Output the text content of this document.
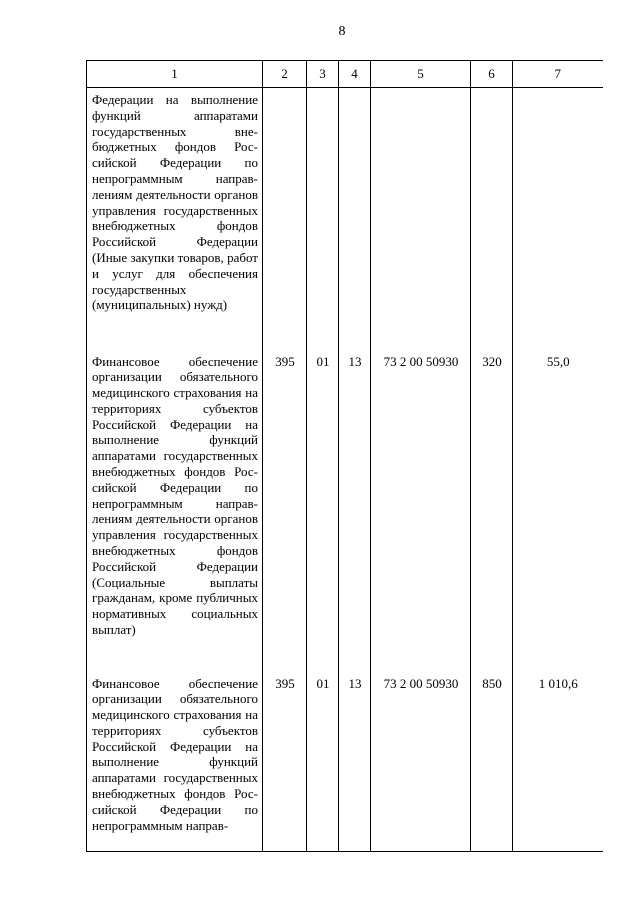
8
1	2	3	4	5	6	7
Федерации на выполнение функций аппаратами государственных внебюджетных фондов Российской Федерации по непрограммным направлениям деятельности органов управления государственных внебюджетных фондов Российской Федерации (Иные закупки товаров, работ и услуг для обеспечения государственных (муниципальных) нужд)						
Финансовое обеспечение организации обязательного медицинского страхования на территориях субъектов Российской Федерации на выполнение функций аппаратами государственных внебюджетных фондов Российской Федерации по непрограммным направлениям деятельности органов управления государственных внебюджетных фондов Российской Федерации (Социальные выплаты гражданам, кроме публичных нормативных социальных выплат)	395	01	13	73 2 00 50930	320	55,0
Финансовое обеспечение организации обязательного медицинского страхования на территориях субъектов Российской Федерации на выполнение функций аппаратами государственных внебюджетных фондов Российской Федерации по непрограммным направ-	395	01	13	73 2 00 50930	850	1 010,6
